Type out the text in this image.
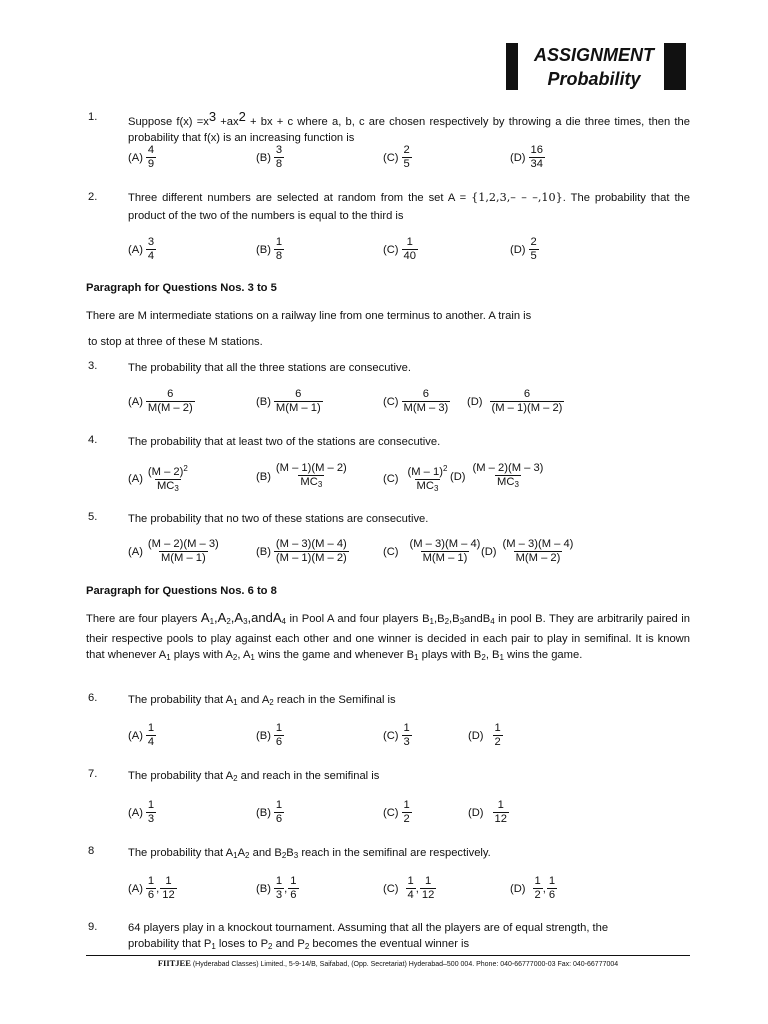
ASSIGNMENT
Probability
1.	Suppose $f(x) =x^3 +ax^2$ + bx + c where a, b, c are chosen respectively by throwing a die three times, then the probability that f(x) is an increasing function is
(A)
4
9
(B)
3
8
(C)
2
5
(D)
16
34
2.	Three different numbers are selected at random from the set A = {1,2,3,– – –,10}. The probability that the product of the two of the numbers is equal to the third is
(A)
3
4
(B)
1
8
(C)
1
40
(D)
2
5
Paragraph for Questions Nos. 3 to 5
There are M intermediate stations on a railway line from one terminus to another. A train is
to stop at three of these M stations.
3.	The probability that all the three stations are consecutive.
(A)
6
M(M – 2)
(B)
6
M(M – 1)
(C)
6
M(M – 3)
(D)
6
(M – 1)(M – 2)
4.	The probability that at least two of the stations are consecutive.
(A)
(M – 2)$^2$
$MC_3$
(B)
(M – 1)(M – 2)
$MC_3$	(C)
(M – 1)$^2$
$MC_3$
(D)
(M – 2)(M – 3)
$MC_3$
5.	The probability that no two of these stations are consecutive.
(A)
(M – 2)(M – 3)
M(M – 1)
(B)
(M – 3)(M – 4)
(M – 1)(M – 2)
(C)
(M – 3)(M – 4)
M(M – 1)
(D)
(M – 3)(M – 4)
M(M – 2)
Paragraph for Questions Nos. 6 to 8
There are four players $A_1,A_2,A_3,andA_4$ in Pool A and four players $B_1,B_2,B_3andB_4$ in pool B. They are arbitrarily paired in their respective pools to play against each other and one winner is decided in each pair to play in semifinal. It is known that whenever $A_1$ plays with $A_2$, $A_1$ wins the game and whenever $B_1$ plays with $B_2$, $B_1$ wins the game.
6.	The probability that $A_1$ and $A_2$ reach in the Semifinal is
(A)
1
4
(B)
1
6
(C)
1
3
(D)
1
2
7.	The probability that $A_2$ and reach in the semifinal is
(A)
1
3
(B)
1
6
(C)
1
2
(D)
1
12
8	The probability that $A_1A_2$ and $B_2B_3$ reach in the semifinal are respectively.
(A)
1
6
,
1
12
(B)
1
3
,
1
6
(C)
1
4
,
1
12
(D)
1
2
,
1
6
9.	64 players play in a knockout tournament. Assuming that all the players are of equal strength, the
probability that $P_1$ loses to $P_2$ and $P_2$ becomes the eventual winner is
FIITJEE (Hyderabad Classes) Limited., 5-9-14/B, Saifabad, (Opp. Secretariat) Hyderabad–500 004. Phone: 040-66777000-03 Fax: 040-66777004
